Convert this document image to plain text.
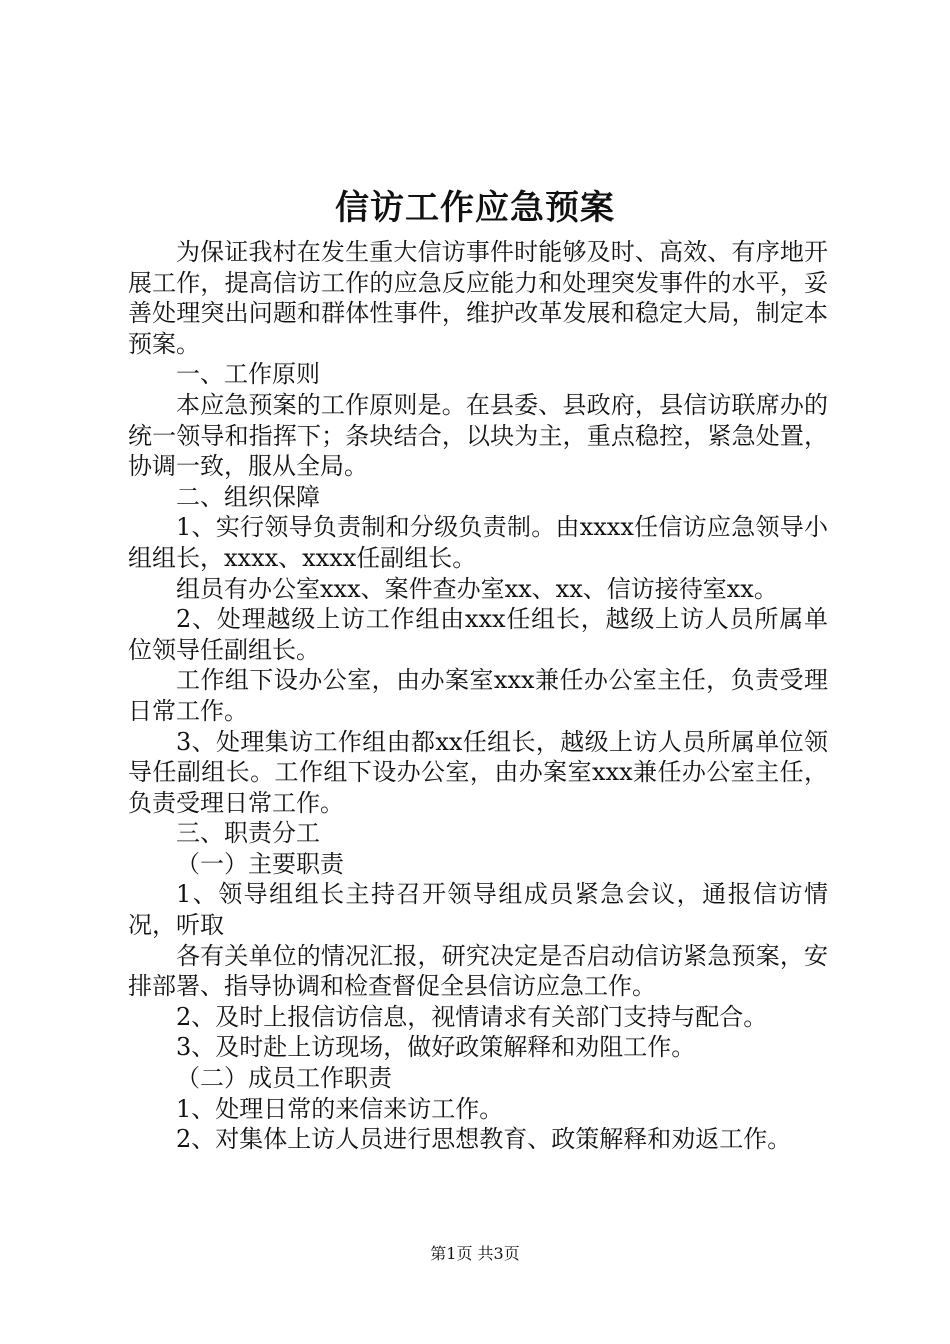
信访工作应急预案

为保证我村在发生重大信访事件时能够及时、高效、有序地开展工作，提高信访工作的应急反应能力和处理突发事件的水平，妥善处理突出问题和群体性事件，维护改革发展和稳定大局，制定本预案。

一、工作原则

本应急预案的工作原则是。在县委、县政府，县信访联席办的统一领导和指挥下；条块结合，以块为主，重点稳控，紧急处置，协调一致，服从全局。

二、组织保障

1、实行领导负责制和分级负责制。由xxxx任信访应急领导小组组长，xxxx、xxxx任副组长。

组员有办公室xxx、案件查办室xx、xx、信访接待室xx。

2、处理越级上访工作组由xxx任组长，越级上访人员所属单位领导任副组长。

工作组下设办公室，由办案室xxx兼任办公室主任，负责受理日常工作。

3、处理集访工作组由都xx任组长，越级上访人员所属单位领导任副组长。工作组下设办公室，由办案室xxx兼任办公室主任，负责受理日常工作。

三、职责分工

（一）主要职责

1、领导组组长主持召开领导组成员紧急会议，通报信访情况，听取

各有关单位的情况汇报，研究决定是否启动信访紧急预案，安排部署、指导协调和检查督促全县信访应急工作。

2、及时上报信访信息，视情请求有关部门支持与配合。

3、及时赴上访现场，做好政策解释和劝阻工作。

（二）成员工作职责

1、处理日常的来信来访工作。

2、对集体上访人员进行思想教育、政策解释和劝返工作。

第1页 共3页
